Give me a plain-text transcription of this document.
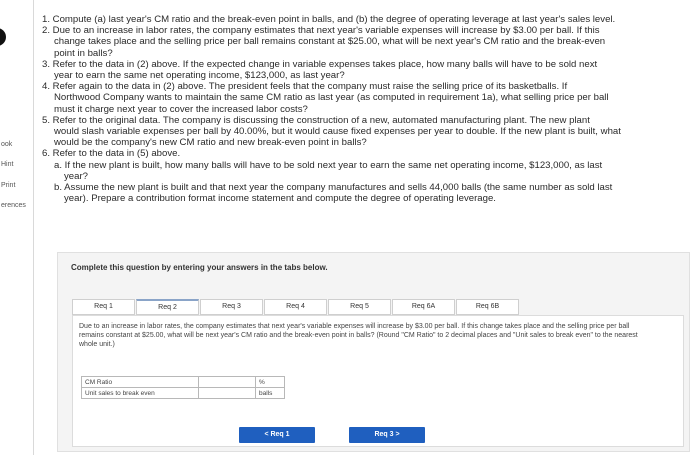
ook
Hint
Print
erences
1. Compute (a) last year's CM ratio and the break-even point in balls, and (b) the degree of operating leverage at last year's sales level.
2. Due to an increase in labor rates, the company estimates that next year's variable expenses will increase by $3.00 per ball. If this
change takes place and the selling price per ball remains constant at $25.00, what will be next year's CM ratio and the break-even
point in balls?
3. Refer to the data in (2) above. If the expected change in variable expenses takes place, how many balls will have to be sold next
year to earn the same net operating income, $123,000, as last year?
4. Refer again to the data in (2) above. The president feels that the company must raise the selling price of its basketballs. If
Northwood Company wants to maintain the same CM ratio as last year (as computed in requirement 1a), what selling price per ball
must it charge next year to cover the increased labor costs?
5. Refer to the original data. The company is discussing the construction of a new, automated manufacturing plant. The new plant
would slash variable expenses per ball by 40.00%, but it would cause fixed expenses per year to double. If the new plant is built, what
would be the company's new CM ratio and new break-even point in balls?
6. Refer to the data in (5) above.
a. If the new plant is built, how many balls will have to be sold next year to earn the same net operating income, $123,000, as last
year?
b. Assume the new plant is built and that next year the company manufactures and sells 44,000 balls (the same number as sold last
year). Prepare a contribution format income statement and compute the degree of operating leverage.
Complete this question by entering your answers in the tabs below.
Req 1	Req 2	Req 3	Req 4	Req 5	Req 6A	Req 6B
Due to an increase in labor rates, the company estimates that next year's variable expenses will increase by $3.00 per ball. If this change takes place and the selling price per ball remains constant at $25.00, what will be next year's CM ratio and the break-even point in balls? (Round "CM Ratio" to 2 decimal places and "Unit sales to break even" to the nearest whole unit.)
CM Ratio		%
Unit sales to break even		balls
< Req 1	Req 3 >
